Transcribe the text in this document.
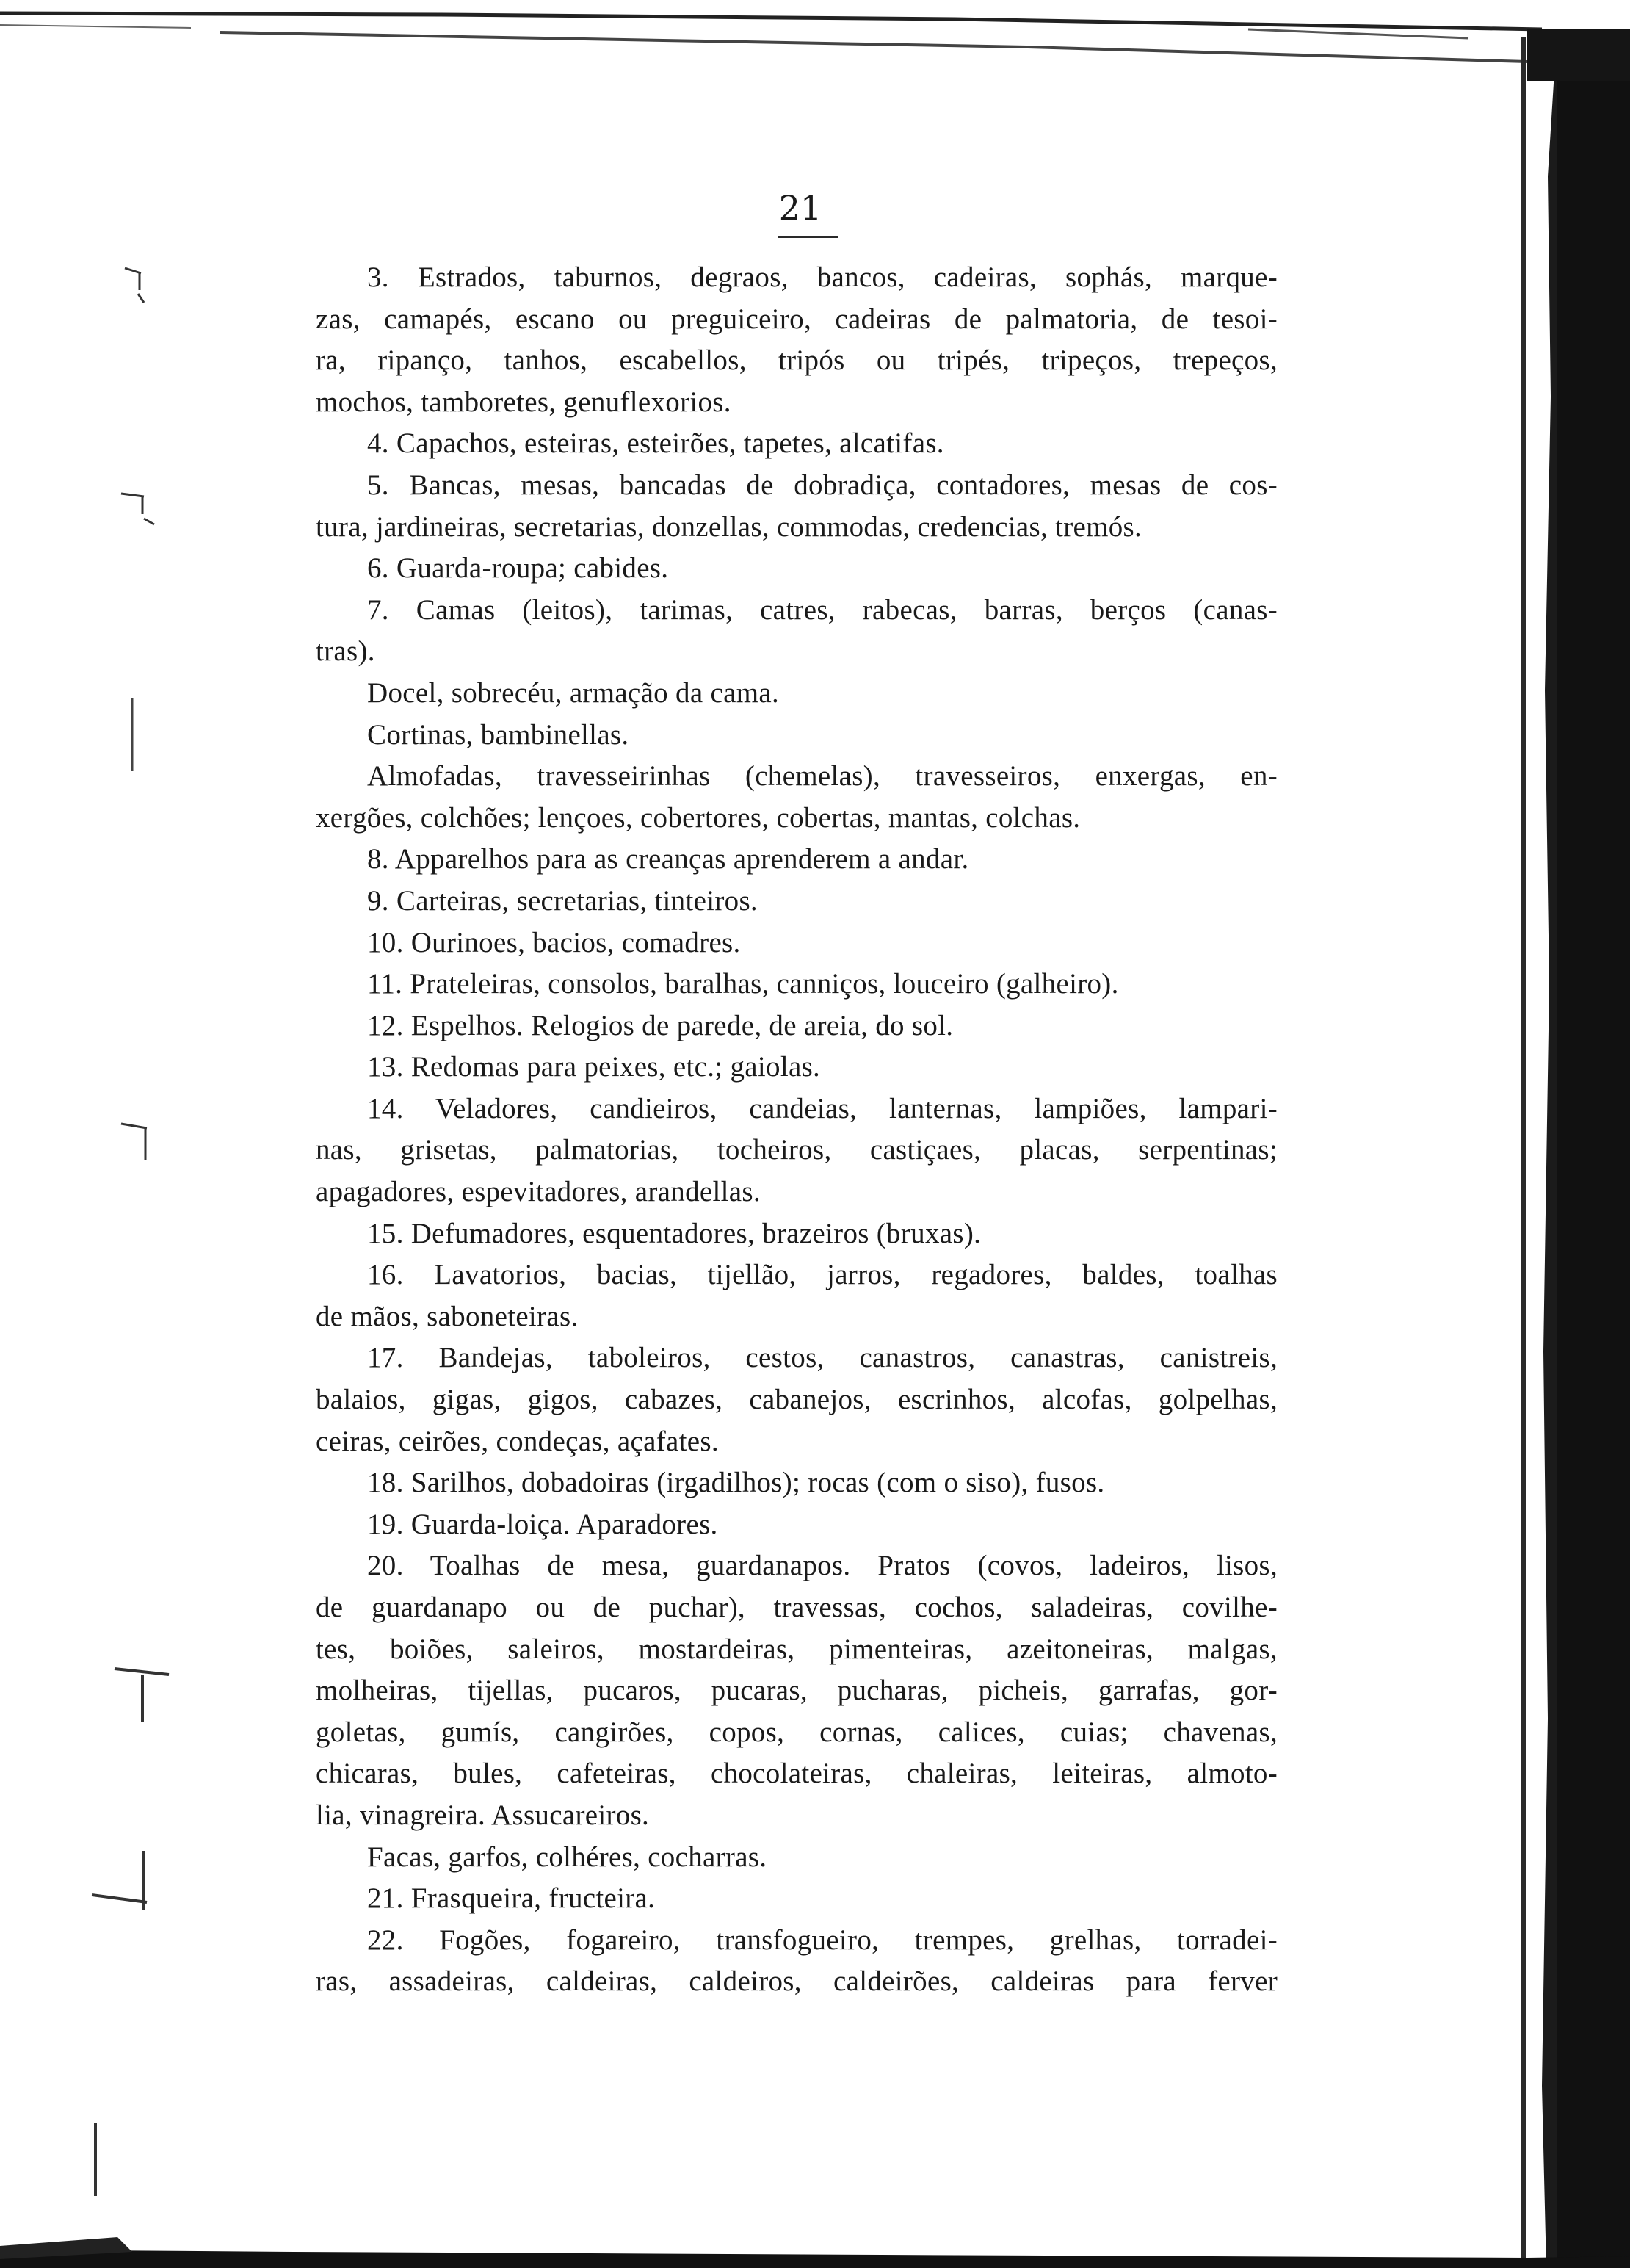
21
3. Estrados, taburnos, degraos, bancos, cadeiras, sophás, marque-
zas, camapés, escano ou preguiceiro, cadeiras de palmatoria, de tesoi-
ra, ripanço, tanhos, escabellos, tripós ou tripés, tripeços, trepeços,
mochos, tamboretes, genuflexorios.
4. Capachos, esteiras, esteirões, tapetes, alcatifas.
5. Bancas, mesas, bancadas de dobradiça, contadores, mesas de cos-
tura, jardineiras, secretarias, donzellas, commodas, credencias, tremós.
6. Guarda-roupa; cabides.
7. Camas (leitos), tarimas, catres, rabecas, barras, berços (canas-
tras).
Docel, sobrecéu, armação da cama.
Cortinas, bambinellas.
Almofadas, travesseirinhas (chemelas), travesseiros, enxergas, en-
xergões, colchões; lençoes, cobertores, cobertas, mantas, colchas.
8. Apparelhos para as creanças aprenderem a andar.
9. Carteiras, secretarias, tinteiros.
10. Ourinoes, bacios, comadres.
11. Prateleiras, consolos, baralhas, canniços, louceiro (galheiro).
12. Espelhos. Relogios de parede, de areia, do sol.
13. Redomas para peixes, etc.; gaiolas.
14. Veladores, candieiros, candeias, lanternas, lampiões, lampari-
nas, grisetas, palmatorias, tocheiros, castiçaes, placas, serpentinas;
apagadores, espevitadores, arandellas.
15. Defumadores, esquentadores, brazeiros (bruxas).
16. Lavatorios, bacias, tijellão, jarros, regadores, baldes, toalhas
de mãos, saboneteiras.
17. Bandejas, taboleiros, cestos, canastros, canastras, canistreis,
balaios, gigas, gigos, cabazes, cabanejos, escrinhos, alcofas, golpelhas,
ceiras, ceirões, condeças, açafates.
18. Sarilhos, dobadoiras (irgadilhos); rocas (com o siso), fusos.
19. Guarda-loiça. Aparadores.
20. Toalhas de mesa, guardanapos. Pratos (covos, ladeiros, lisos,
de guardanapo ou de puchar), travessas, cochos, saladeiras, covilhe-
tes, boiões, saleiros, mostardeiras, pimenteiras, azeitoneiras, malgas,
molheiras, tijellas, pucaros, pucaras, pucharas, picheis, garrafas, gor-
goletas, gumís, cangirões, copos, cornas, calices, cuias; chavenas,
chicaras, bules, cafeteiras, chocolateiras, chaleiras, leiteiras, almoto-
lia, vinagreira. Assucareiros.
Facas, garfos, colhéres, cocharras.
21. Frasqueira, fructeira.
22. Fogões, fogareiro, transfogueiro, trempes, grelhas, torradei-
ras, assadeiras, caldeiras, caldeiros, caldeirões, caldeiras para ferver
